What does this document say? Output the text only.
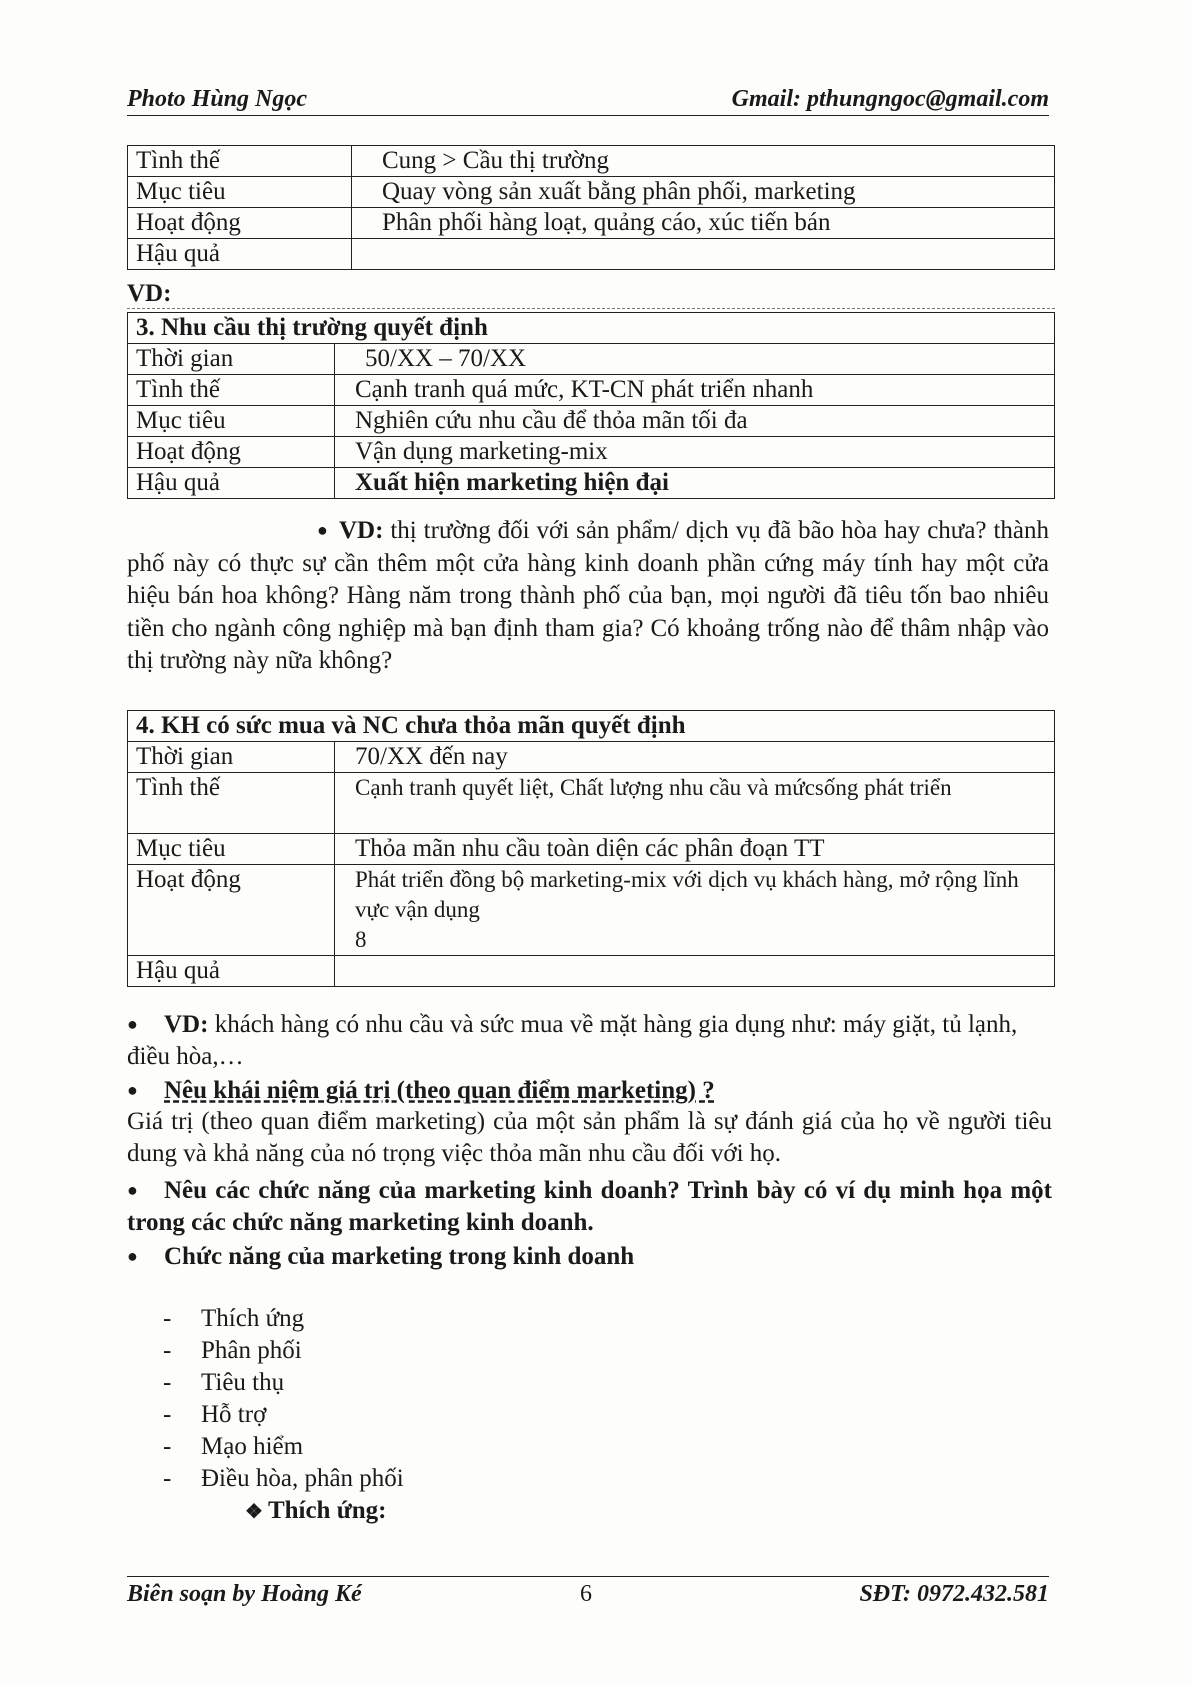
Photo Hùng Ngọc	Gmail: pthungngoc@gmail.com
Tình thế	Cung > Cầu thị trường
Mục tiêu	Quay vòng sản xuất bằng phân phối, marketing
Hoạt động	Phân phối hàng loạt, quảng cáo, xúc tiến bán
Hậu quả	
VD:
3. Nhu cầu thị trường quyết định	
Thời gian	50/XX – 70/XX
Tình thế	Cạnh tranh quá mức, KT-CN phát triển nhanh
Mục tiêu	Nghiên cứu nhu cầu để thỏa mãn tối đa
Hoạt động	Vận dụng marketing-mix
Hậu quả	Xuất hiện marketing hiện đại
● VD: thị trường đối với sản phẩm/ dịch vụ đã bão hòa hay chưa? thành phố này có thực sự cần thêm một cửa hàng kinh doanh phần cứng máy tính hay một cửa hiệu bán hoa không? Hàng năm trong thành phố của bạn, mọi người đã tiêu tốn bao nhiêu tiền cho ngành công nghiệp mà bạn định tham gia? Có khoảng trống nào để thâm nhập vào thị trường này nữa không?
4. KH có sức mua và NC chưa thỏa mãn quyết định	
Thời gian	70/XX đến nay
Tình thế	Cạnh tranh quyết liệt, Chất lượng nhu cầu và mứcsống phát triển
Mục tiêu	Thỏa mãn nhu cầu toàn diện các phân đoạn TT
Hoạt động	Phát triển đồng bộ marketing-mix với dịch vụ khách hàng, mở rộng lĩnh vực vận dụng
8

Hậu quả	
● VD: khách hàng có nhu cầu và sức mua về mặt hàng gia dụng như: máy giặt, tủ lạnh, điều hòa,…
● Nêu khái niệm giá trị (theo quan điểm marketing) ?
Giá trị (theo quan điểm marketing) của một sản phẩm là sự đánh giá của họ về người tiêu dung và khả năng của nó trọng việc thỏa mãn nhu cầu đối với họ.
● Nêu các chức năng của marketing kinh doanh? Trình bày có ví dụ minh họa một trong các chức năng marketing kinh doanh.
● Chức năng của marketing trong kinh doanh
- Thích ứng
- Phân phối
- Tiêu thụ
- Hỗ trợ
- Mạo hiểm
- Điều hòa, phân phối
❖ Thích ứng:
Biên soạn by Hoàng Ké	6	SĐT: 0972.432.581
